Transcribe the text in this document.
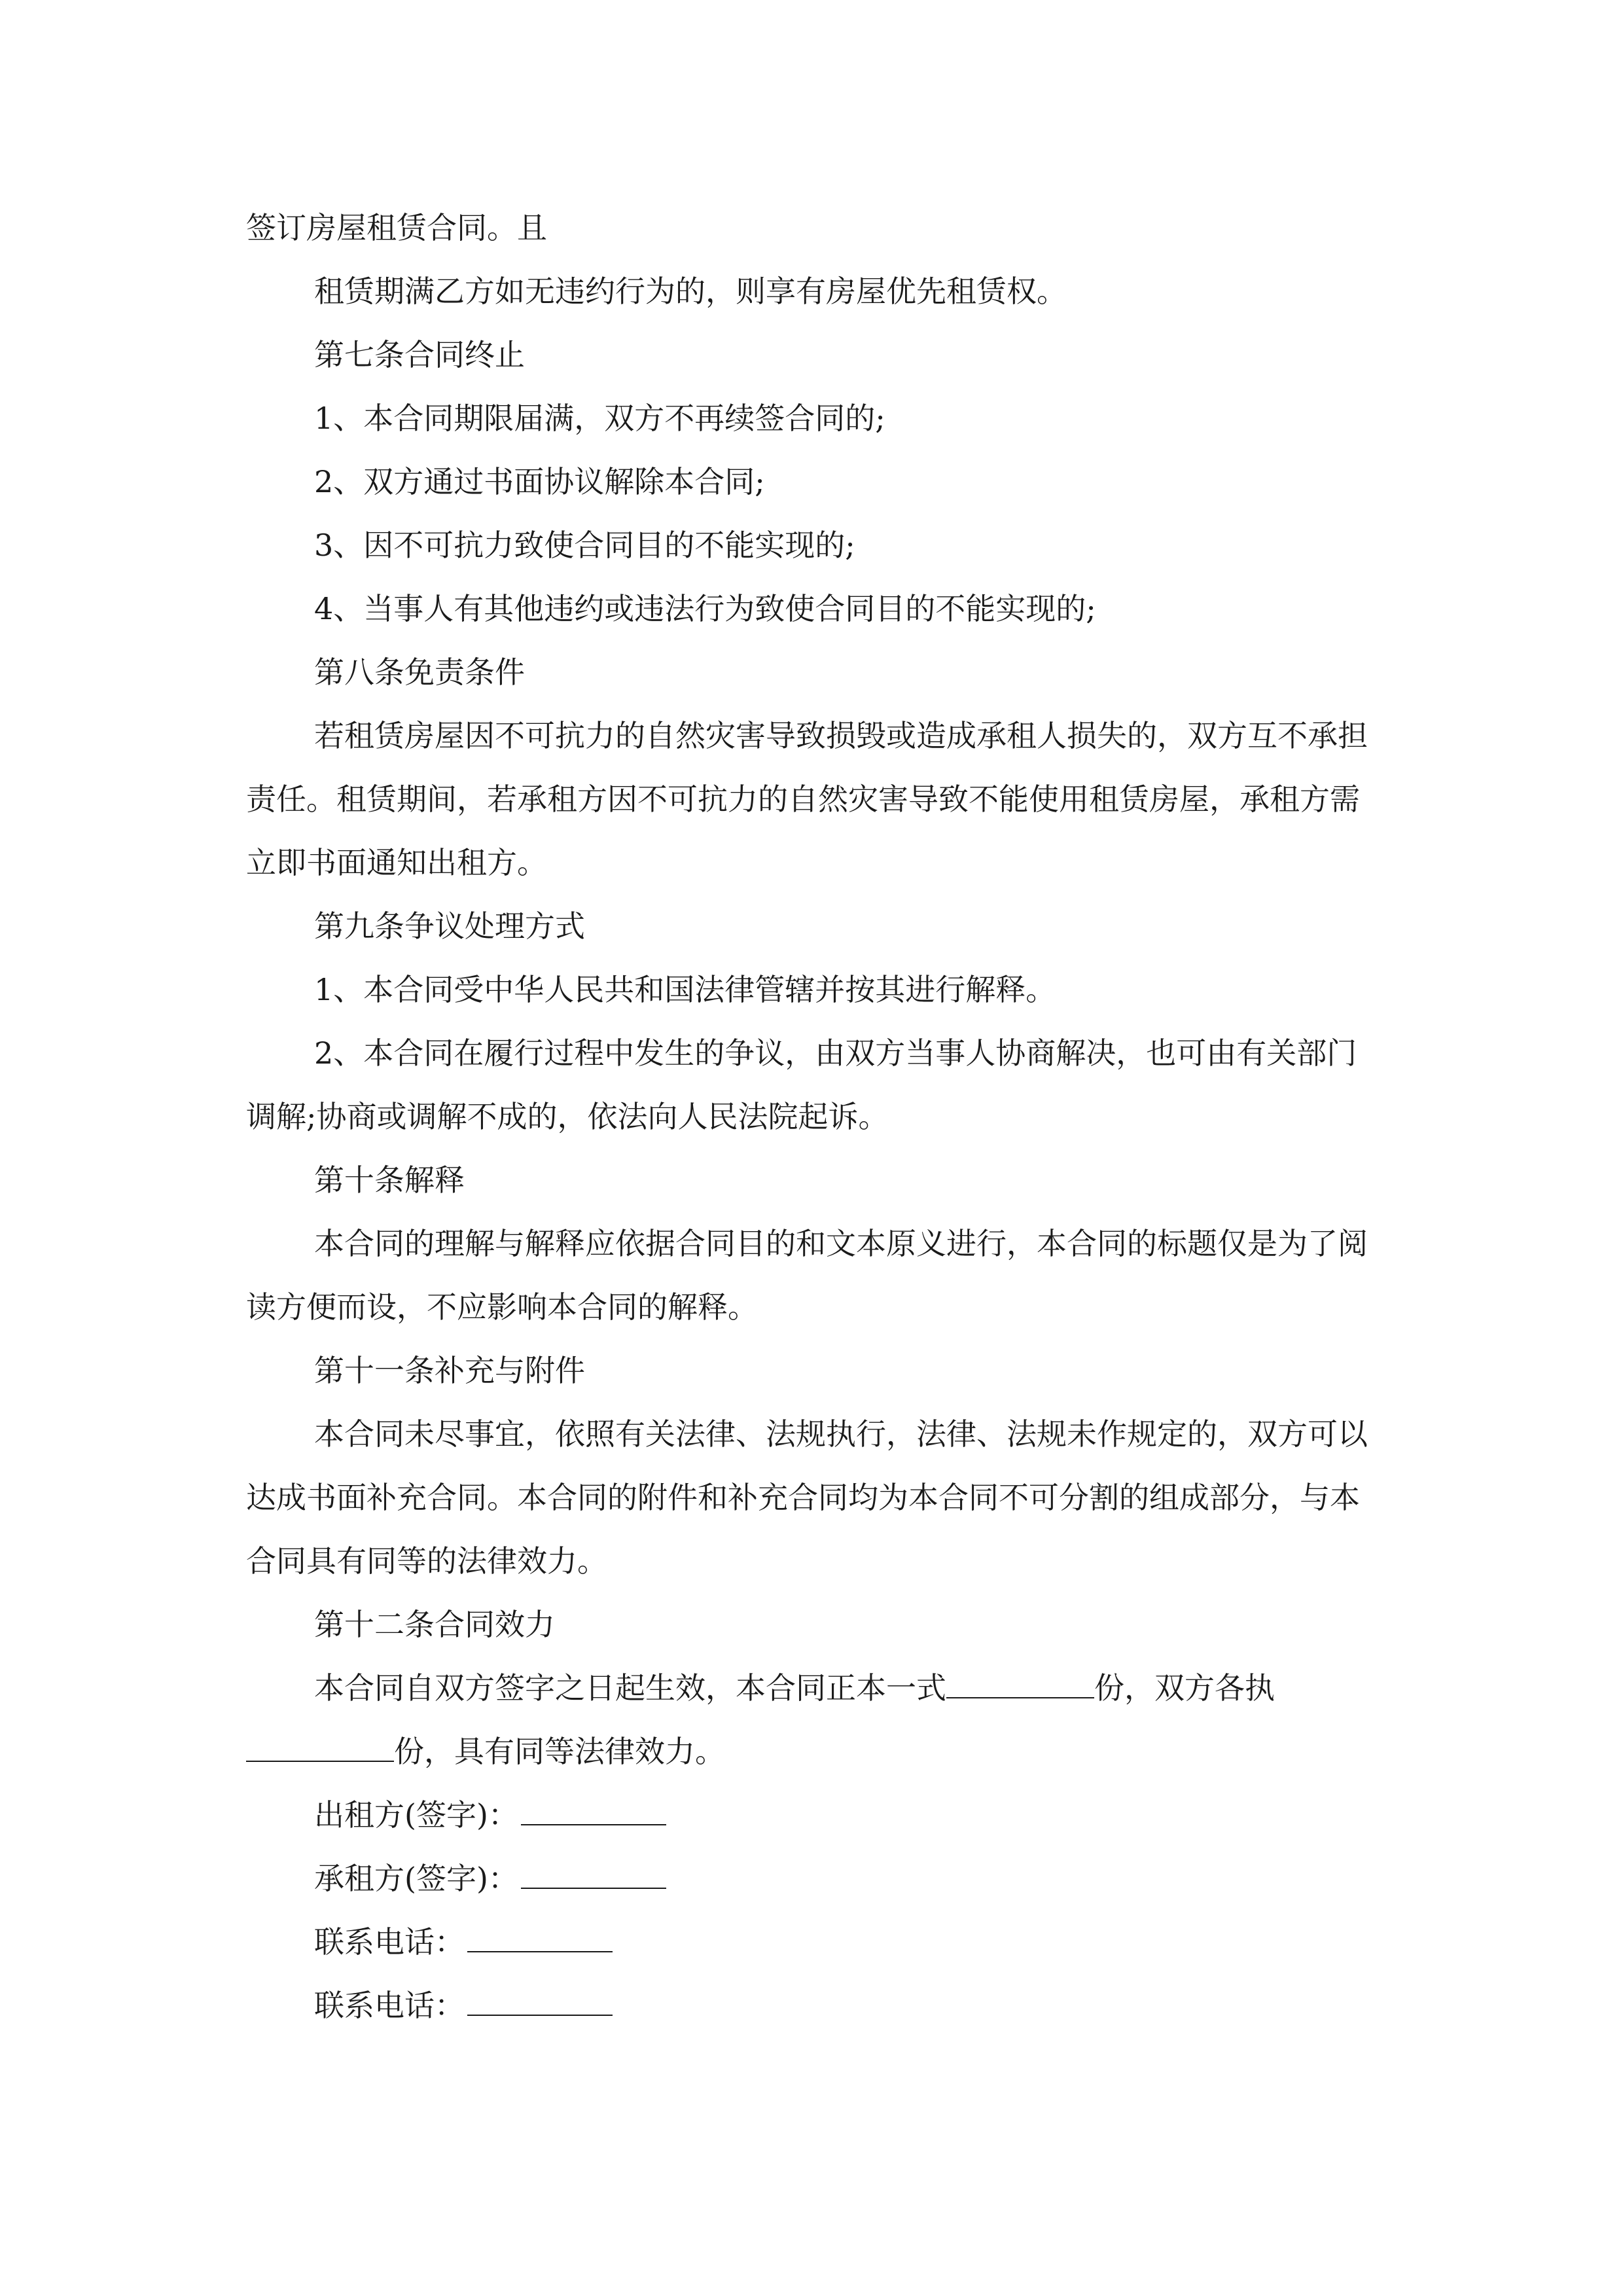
签订房屋租赁合同。且

租赁期满乙方如无违约行为的，则享有房屋优先租赁权。

第七条合同终止

1、本合同期限届满，双方不再续签合同的;

2、双方通过书面协议解除本合同;

3、因不可抗力致使合同目的不能实现的;

4、当事人有其他违约或违法行为致使合同目的不能实现的;

第八条免责条件

若租赁房屋因不可抗力的自然灾害导致损毁或造成承租人损失的，双方互不承担责任。租赁期间，若承租方因不可抗力的自然灾害导致不能使用租赁房屋，承租方需立即书面通知出租方。

第九条争议处理方式

1、本合同受中华人民共和国法律管辖并按其进行解释。

2、本合同在履行过程中发生的争议，由双方当事人协商解决，也可由有关部门调解;协商或调解不成的，依法向人民法院起诉。

第十条解释

本合同的理解与解释应依据合同目的和文本原义进行，本合同的标题仅是为了阅读方便而设，不应影响本合同的解释。

第十一条补充与附件

本合同未尽事宜，依照有关法律、法规执行，法律、法规未作规定的，双方可以达成书面补充合同。本合同的附件和补充合同均为本合同不可分割的组成部分，与本合同具有同等的法律效力。

第十二条合同效力

本合同自双方签字之日起生效，本合同正本一式	份，双方各执份，具有同等法律效力。

出租方(签字)：

承租方(签字)：

联系电话：

联系电话：
